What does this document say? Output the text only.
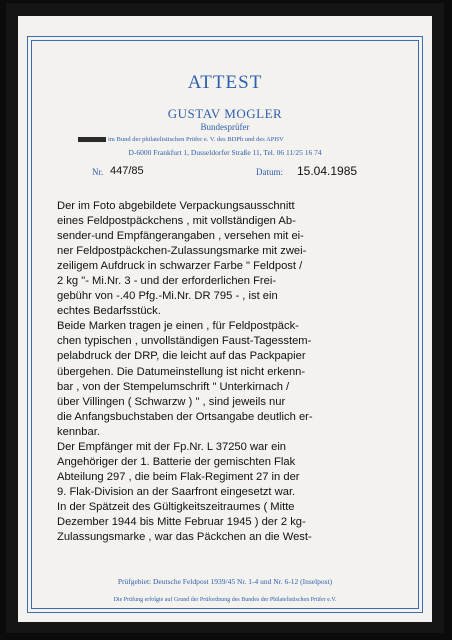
ATTEST
GUSTAV MOGLER
Bundesprüfer
im Bund der philatelistischen Prüfer e. V. des BDPh und des APHV
D-6000 Frankfurt 1, Dusseldorfer Straße 11, Tel. 06 11/25 16 74
Nr. 447/85	Datum: 15.04.1985
Der im Foto abgebildete Verpackungsausschnitt
eines Feldpostpäckchens , mit vollständigen Ab-
sender-und Empfängerangaben , versehen mit ei-
ner Feldpostpäckchen-Zulassungsmarke mit zwei-
zeiligem Aufdruck in schwarzer Farbe " Feldpost /
2 kg "- Mi.Nr. 3 - und der erforderlichen Frei-
gebühr von -.40 Pfg.-Mi.Nr. DR 795 - , ist ein
echtes Bedarfsstück.
Beide Marken tragen je einen , für Feldpostpäck-
chen typischen , unvollständigen Faust-Tagesstem-
pelabdruck der DRP, die leicht auf das Packpapier
übergehen. Die Datumeinstellung ist nicht erkenn-
bar , von der Stempelumschrift " Unterkirnach /
über Villingen ( Schwarzw ) " , sind jeweils nur
die Anfangsbuchstaben der Ortsangabe deutlich er-
kennbar.
Der Empfänger mit der Fp.Nr. L 37250 war ein
Angehöriger der 1. Batterie der gemischten Flak
Abteilung 297 , die beim Flak-Regiment 27 in der
9. Flak-Division an der Saarfront eingesetzt war.
In der Spätzeit des Gültigkeitszeitraumes ( Mitte
Dezember 1944 bis Mitte Februar 1945 ) der 2 kg-
Zulassungsmarke , war das Päckchen an die West-
Prüfgebiet: Deutsche Feldpost 1939/45 Nr. 1-4 und Nr. 6-12 (Inselpost)
Die Prüfung erfolgte auf Grund der Prüfordnung des Bundes der Philatelistischen Prüfer e.V.
